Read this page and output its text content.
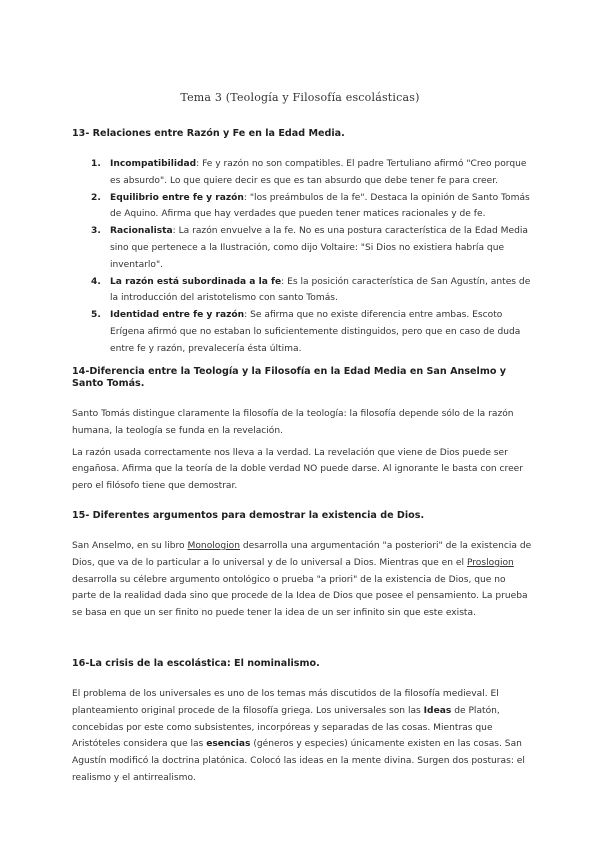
Tema 3 (Teología y Filosofía escolásticas)
13- Relaciones entre Razón y Fe en la Edad Media.
1. Incompatibilidad: Fe y razón no son compatibles. El padre Tertuliano afirmó "Creo porque es absurdo". Lo que quiere decir es que es tan absurdo que debe tener fe para creer.
2. Equilibrio entre fe y razón: "los preámbulos de la fe". Destaca la opinión de Santo Tomás de Aquino. Afirma que hay verdades que pueden tener matices racionales y de fe.
3. Racionalista: La razón envuelve a la fe. No es una postura característica de la Edad Media sino que pertenece a la Ilustración, como dijo Voltaire: "Si Dios no existiera habría que inventarlo".
4. La razón está subordinada a la fe: Es la posición característica de San Agustín, antes de la introducción del aristotelismo con santo Tomás.
5. Identidad entre fe y razón: Se afirma que no existe diferencia entre ambas. Escoto Erígena afirmó que no estaban lo suficientemente distinguidos, pero que en caso de duda entre fe y razón, prevalecería ésta última.
14-Diferencia entre la Teología y la Filosofía en la Edad Media en San Anselmo y Santo Tomás.

Santo Tomás distingue claramente la filosofía de la teología: la filosofía depende sólo de la razón humana, la teología se funda en la revelación.

La razón usada correctamente nos lleva a la verdad. La revelación que viene de Dios puede ser engañosa. Afirma que la teoría de la doble verdad NO puede darse. Al ignorante le basta con creer pero el filósofo tiene que demostrar.

15- Diferentes argumentos para demostrar la existencia de Dios.

San Anselmo, en su libro Monologion desarrolla una argumentación "a posteriori" de la existencia de Dios, que va de lo particular a lo universal y de lo universal a Dios. Mientras que en el Proslogion desarrolla su célebre argumento ontológico o prueba "a priori" de la existencia de Dios, que no parte de la realidad dada sino que procede de la Idea de Dios que posee el pensamiento. La prueba se basa en que un ser finito no puede tener la idea de un ser infinito sin que este exista.

16-La crisis de la escolástica: El nominalismo.

El problema de los universales es uno de los temas más discutidos de la filosofía medieval. El planteamiento original procede de la filosofía griega. Los universales son las Ideas de Platón, concebidas por este como subsistentes, incorpóreas y separadas de las cosas. Mientras que Aristóteles considera que las esencias (géneros y especies) únicamente existen en las cosas. San Agustín modificó la doctrina platónica. Colocó las ideas en la mente divina. Surgen dos posturas: el realismo y el antirrealismo.
